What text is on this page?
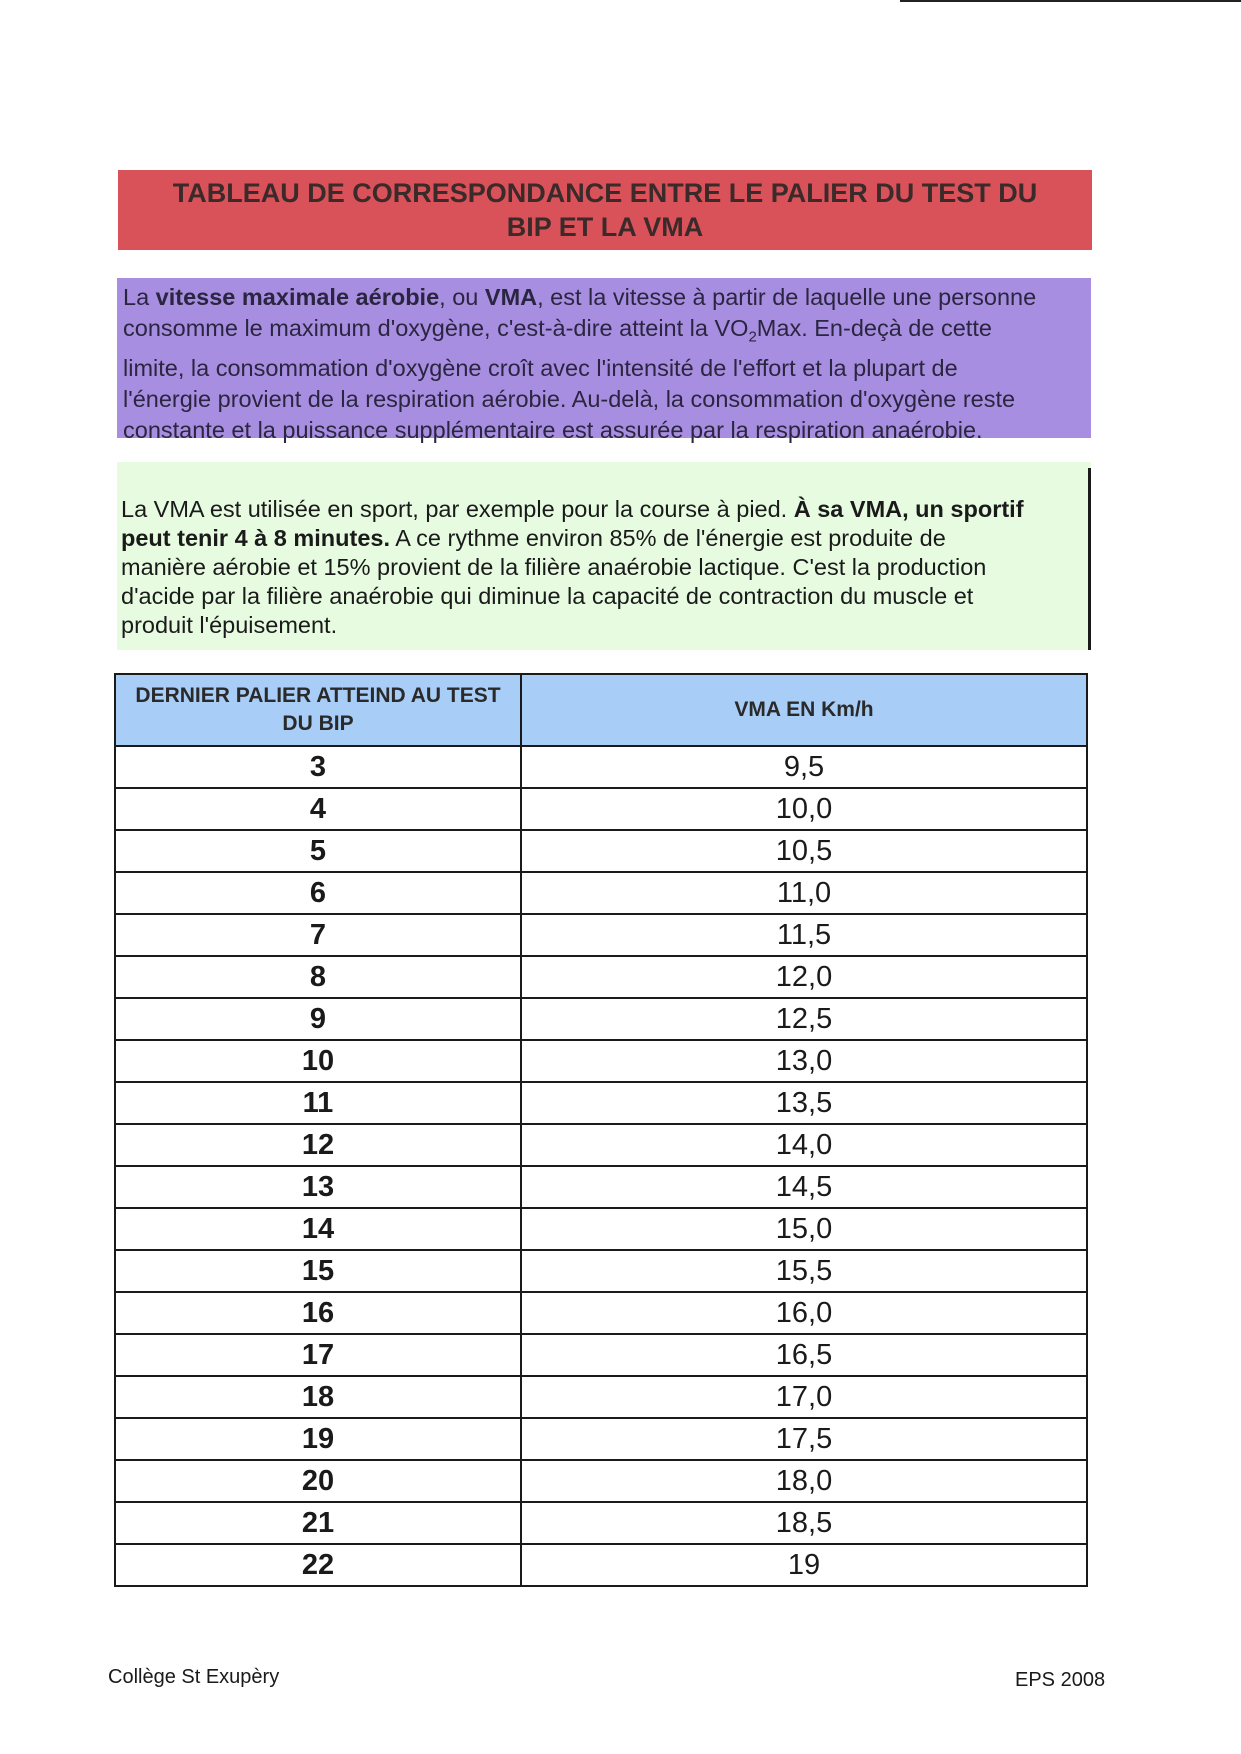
TABLEAU DE CORRESPONDANCE ENTRE LE PALIER DU TEST DU
BIP ET LA VMA
La vitesse maximale aérobie, ou VMA, est la vitesse à partir de laquelle une personne
consomme le maximum d'oxygène, c'est-à-dire atteint la $VO_2Max$. En-deçà de cette
limite, la consommation d'oxygène croît avec l'intensité de l'effort et la plupart de
l'énergie provient de la respiration aérobie. Au-delà, la consommation d'oxygène reste
constante et la puissance supplémentaire est assurée par la respiration anaérobie.
La VMA est utilisée en sport, par exemple pour la course à pied. À sa VMA, un sportif
peut tenir 4 à 8 minutes. A ce rythme environ 85% de l'énergie est produite de
manière aérobie et 15% provient de la filière anaérobie lactique. C'est la production
d'acide par la filière anaérobie qui diminue la capacité de contraction du muscle et
produit l'épuisement.
DERNIER PALIER ATTEIND AU TEST
DU BIP	VMA EN Km/h
3	9,5
4	10,0
5	10,5
6	11,0
7	11,5
8	12,0
9	12,5
10	13,0
11	13,5
12	14,0
13	14,5
14	15,0
15	15,5
16	16,0
17	16,5
18	17,0
19	17,5
20	18,0
21	18,5
22	19
Collège St Exupèry	EPS 2008
